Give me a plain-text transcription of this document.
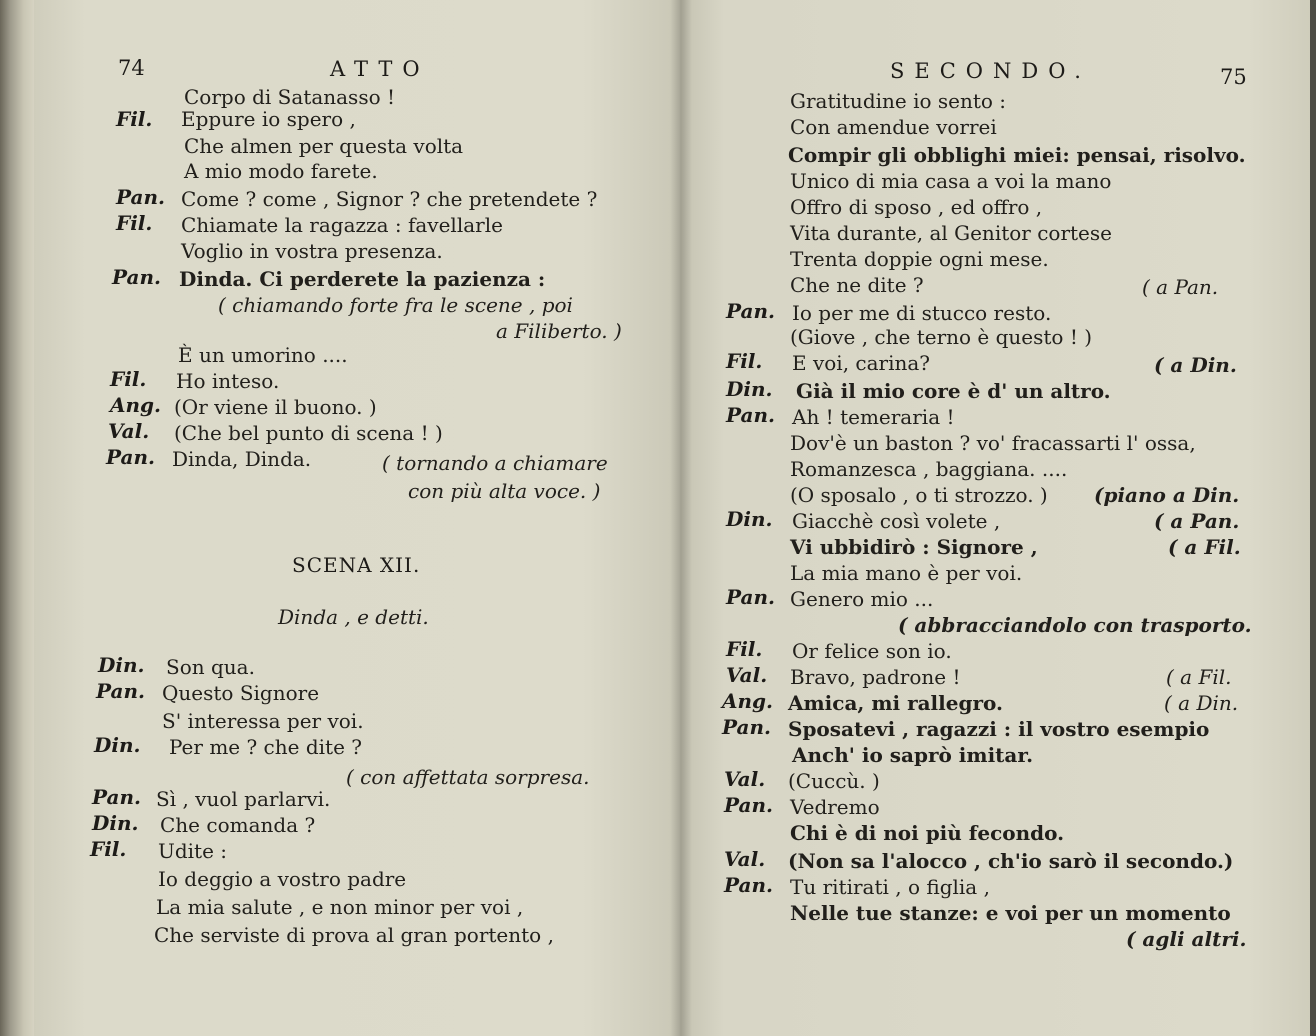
74	ATTO
Corpo di Satanasso !
Fil. Eppure io spero ,
Che almen per questa volta
A mio modo farete.
Pan. Come ? come , Signor ? che pretendete ?
Fil. Chiamate la ragazza : favellarle
Voglio in vostra presenza.
Pan. Dinda. Ci perderete la pazienza :
( chiamando forte fra le scene , poi
a Filiberto. )
È un umorino ....
Fil. Ho inteso.
Ang. (Or viene il buono. )
Val. (Che bel punto di scena ! )
Pan. Dinda, Dinda.	( tornando a chiamare
con più alta voce. )
SCENA XII.
Dinda , e detti.
Din. Son qua.
Pan. Questo Signore
S' interessa per voi.
Din. Per me ? che dite ?
( con affettata sorpresa.
Pan. Sì , vuol parlarvi.
Din. Che comanda ?
Fil. Udite :
Io deggio a vostro padre
La mia salute , e non minor per voi ,
Che serviste di prova al gran portento ,
SECONDO.	75
Gratitudine io sento :
Con amendue vorrei
Compir gli obblighi miei: pensai, risolvo.
Unico di mia casa a voi la mano
Offro di sposo , ed offro ,
Vita durante, al Genitor cortese
Trenta doppie ogni mese.
Che ne dite ?	( a Pan.
Pan. Io per me di stucco resto.
(Giove , che terno è questo ! )
Fil. E voi, carina?	( a Din.
Din. Già il mio core è d' un altro.
Pan. Ah ! temeraria !
Dov'è un baston ? vo' fracassarti l' ossa,
Romanzesca , baggiana. ....
(O sposalo , o ti strozzo. ) (piano a Din.
Din. Giacchè così volete ,	( a Pan.
Vi ubbidirò : Signore ,	( a Fil.
La mia mano è per voi.
Pan. Genero mio ...
( abbracciandolo con trasporto.
Fil. Or felice son io.
Val. Bravo, padrone !	( a Fil.
Ang. Amica, mi rallegro.	( a Din.
Pan. Sposatevi , ragazzi : il vostro esempio
Anch' io saprò imitar.
Val. (Cuccù. )
Pan. Vedremo
Chi è di noi più fecondo.
Val. (Non sa l'alocco , ch'io sarò il secondo.)
Pan. Tu ritirati , o figlia ,
Nelle tue stanze: e voi per un momento
( agli altri.
